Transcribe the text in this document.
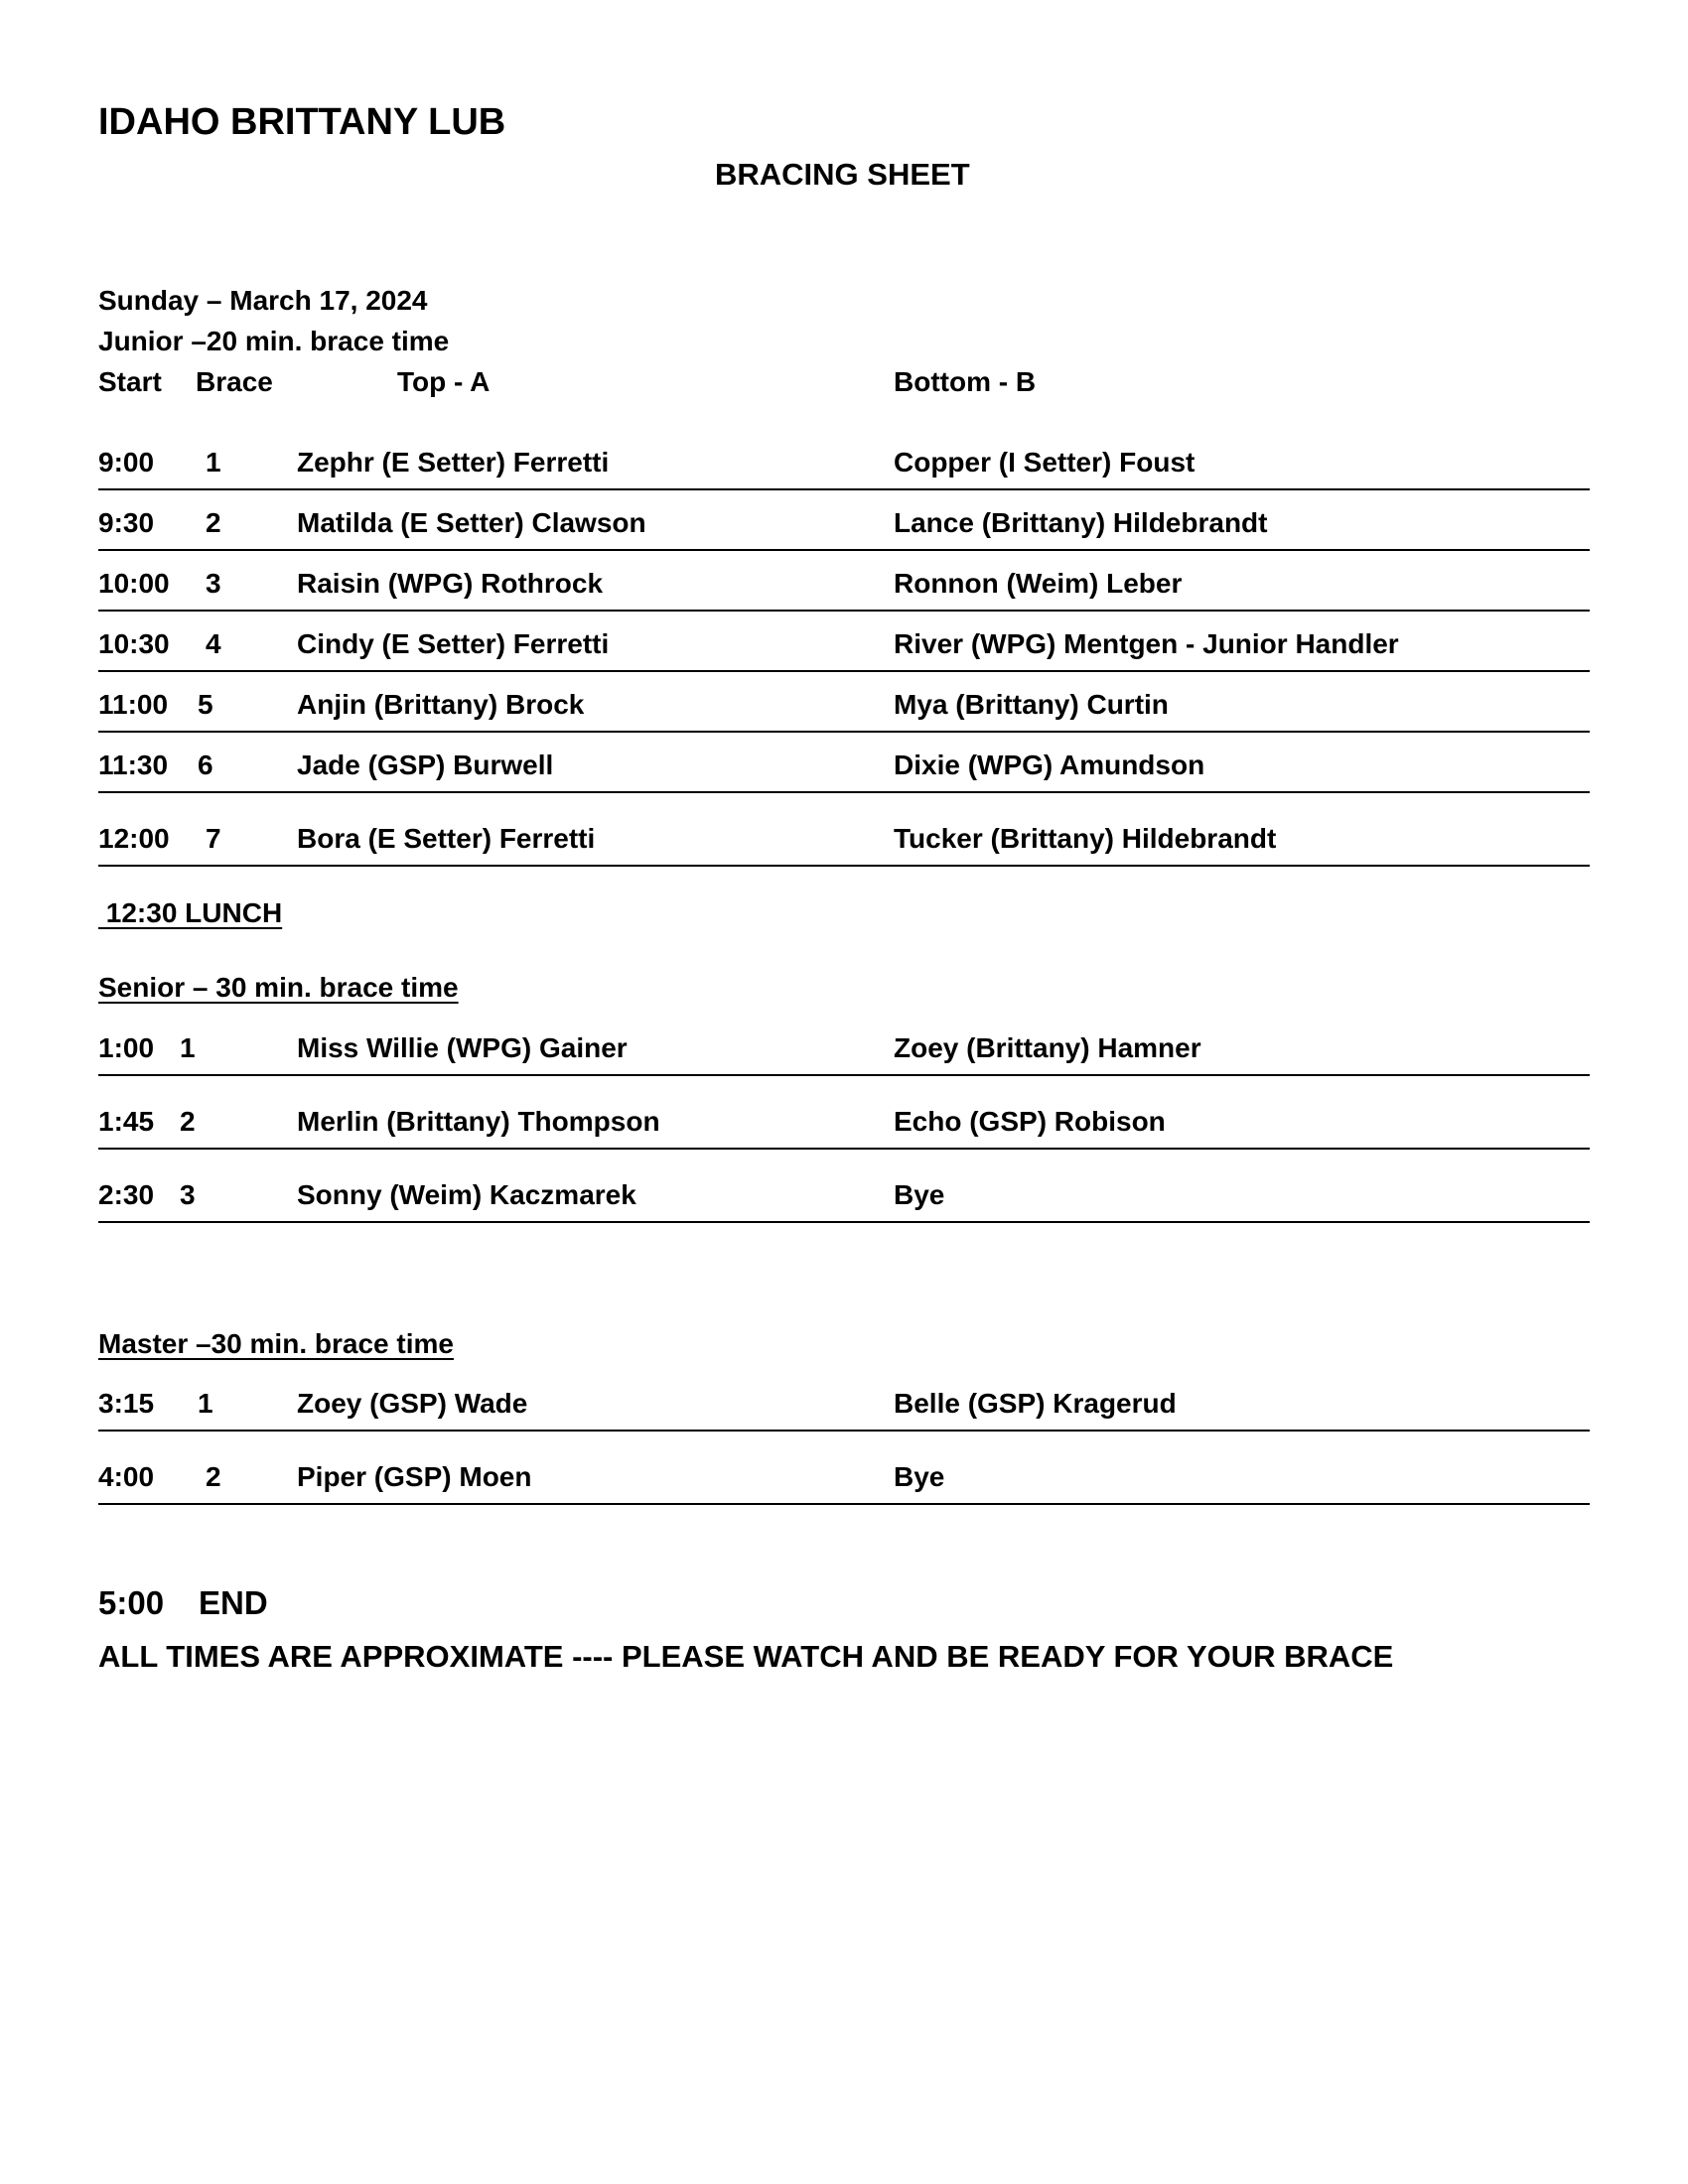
IDAHO BRITTANY LUB
BRACING SHEET
Sunday – March 17, 2024
Junior –20 min. brace time
Start Brace	Top - A	Bottom - B
9:00 1	Zephr (E Setter) Ferretti	Copper (I Setter) Foust
9:30 2	Matilda (E Setter) Clawson	Lance (Brittany) Hildebrandt
10:00 3	Raisin (WPG) Rothrock	Ronnon (Weim) Leber
10:30 4	Cindy (E Setter) Ferretti	River (WPG) Mentgen - Junior Handler
11:00 5	Anjin (Brittany) Brock	Mya (Brittany) Curtin
11:30 6	Jade (GSP) Burwell	Dixie (WPG) Amundson
12:00 7	Bora (E Setter) Ferretti	Tucker (Brittany) Hildebrandt
12:30 LUNCH
Senior – 30 min. brace time
1:00 1	Miss Willie (WPG) Gainer	Zoey (Brittany) Hamner
1:45 2	Merlin (Brittany) Thompson	Echo (GSP) Robison
2:30 3	Sonny (Weim) Kaczmarek	Bye
Master –30 min. brace time
3:15 1	Zoey (GSP) Wade	Belle (GSP) Kragerud
4:00 2	Piper (GSP) Moen	Bye
5:00 END
ALL TIMES ARE APPROXIMATE ---- PLEASE WATCH AND BE READY FOR YOUR BRACE
